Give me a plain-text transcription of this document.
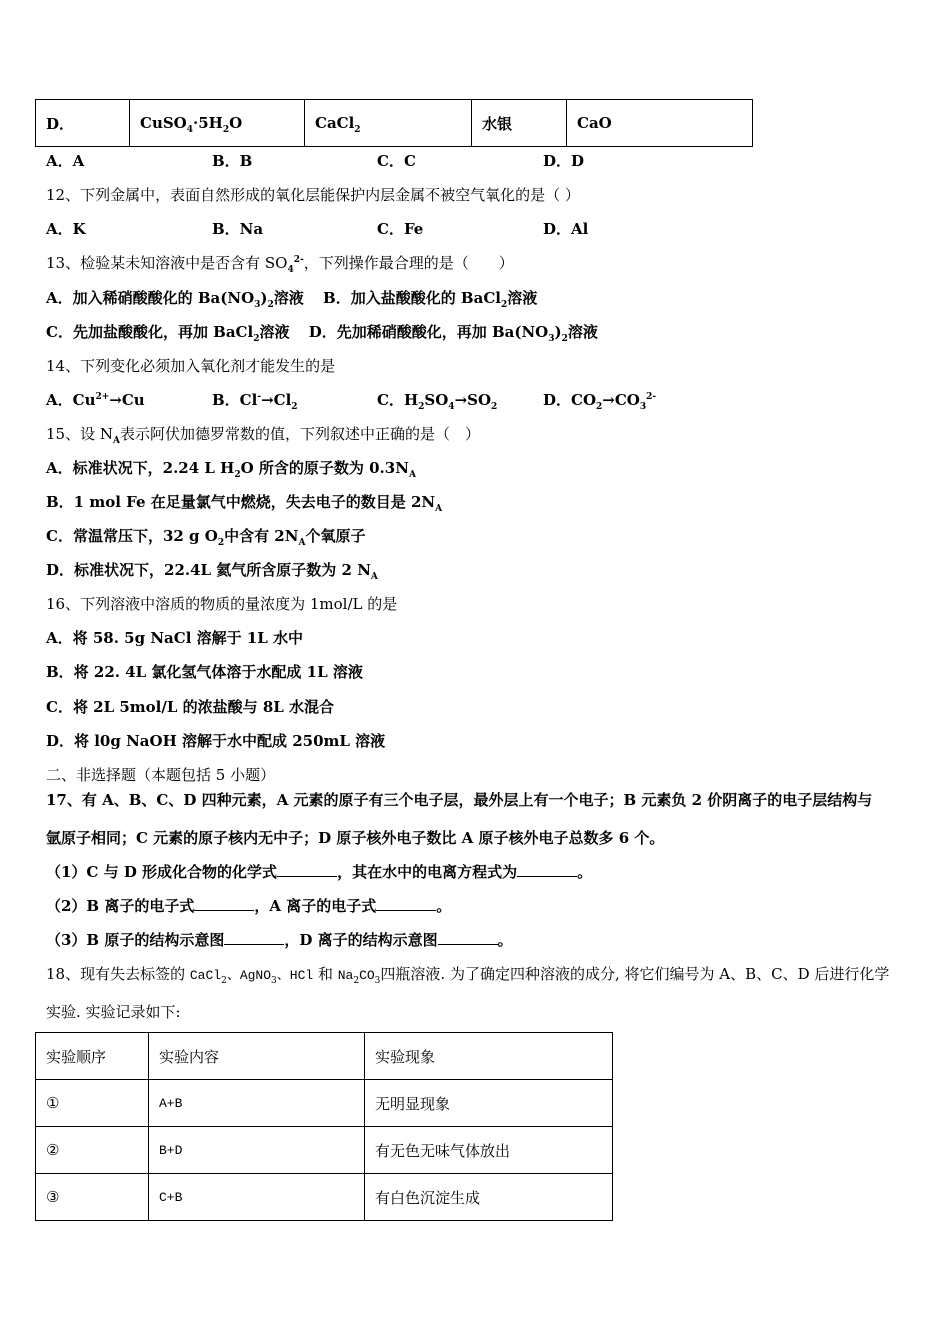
D．	$CuSO_4\cdot 5H_2O$	CaCl$_2$	水银	CaO
A．A	B．B	C．C	D．D
12、下列金属中，表面自然形成的氧化层能保护内层金属不被空气氧化的是（ ）
A．K	B．Na	C．Fe	D．Al
13、检验某未知溶液中是否含有 $SO_4^{2-}$，下列操作最合理的是（　　）
A．加入稀硝酸酸化的 $Ba(NO_3)_2$溶液 B．加入盐酸酸化的 BaCl$_2$溶液
C．先加盐酸酸化，再加 BaCl$_2$溶液 D．先加稀硝酸酸化，再加 $Ba(NO_3)_2$溶液
14、下列变化必须加入氧化剂才能发生的是
A．$Cu^{2+}\to Cu$	B．$Cl^-\to Cl_2$	C．$H_2SO_4\to SO_2$	D．$CO_2\to CO_3^{2-}$
15、设 $N_A$表示阿伏加德罗常数的值，下列叙述中正确的是（　）
A．标准状况下，2.24 L $H_2O$ 所含的原子数为 $0.3N_A$
B．1 mol Fe 在足量氯气中燃烧，失去电子的数目是 $2N_A$
C．常温常压下，32 g $O_2$中含有 $2N_A$个氧原子
D．标准状况下，22.4L 氦气所含原子数为 2 $N_A$
16、下列溶液中溶质的物质的量浓度为 1mol/L 的是
A．将 58. 5g NaCl 溶解于 1L 水中
B．将 22. 4L 氯化氢气体溶于水配成 1L 溶液
C．将 2L 5mol/L 的浓盐酸与 8L 水混合
D．将 l0g NaOH 溶解于水中配成 250mL 溶液
二、非选择题（本题包括 5 小题）
17、有 A、B、C、D 四种元素，A 元素的原子有三个电子层，最外层上有一个电子；B 元素负 2 价阴离子的电子层结构与
氩原子相同；C 元素的原子核内无中子；D 原子核外电子数比 A 原子核外电子总数多 6 个。
（1）C 与 D 形成化合物的化学式	，其在水中的电离方程式为	。
（2）B 离子的电子式	，A 离子的电子式	。
（3）B 原子的结构示意图	，D 离子的结构示意图	。
18、现有失去标签的 CaCl$_2$、AgNO$_3$、HCl 和 $Na_2CO_3$四瓶溶液. 为了确定四种溶液的成分, 将它们编号为 A、B、C、D 后进行化学
实验. 实验记录如下:
实验顺序	实验内容	实验现象
①	A+B	无明显现象
②	B+D	有无色无味气体放出
③	C+B	有白色沉淀生成
